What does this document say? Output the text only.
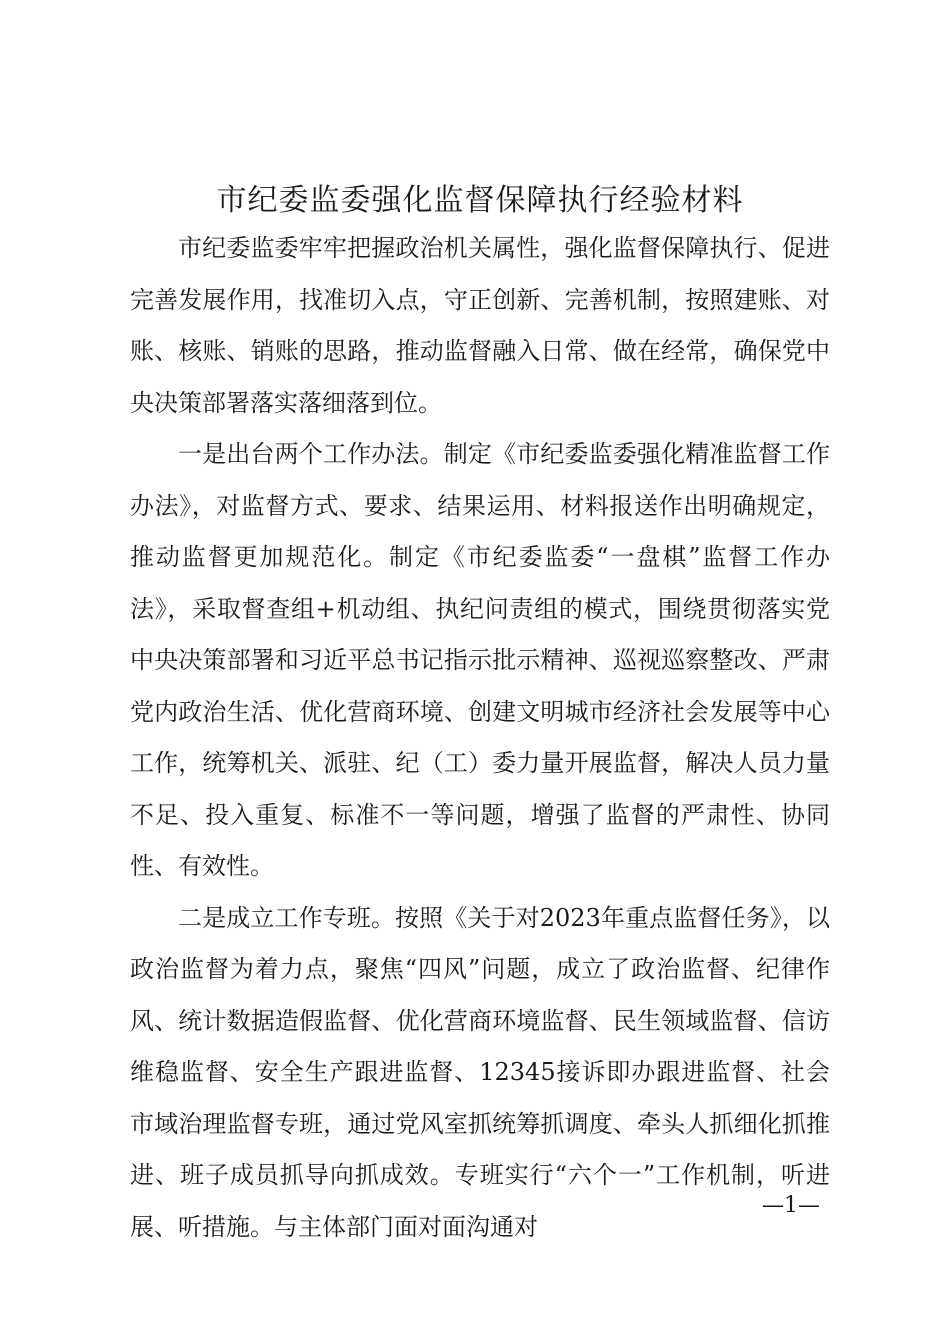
市纪委监委强化监督保障执行经验材料

市纪委监委牢牢把握政治机关属性，强化监督保障执行、促进完善发展作用，找准切入点，守正创新、完善机制，按照建账、对账、核账、销账的思路，推动监督融入日常、做在经常，确保党中央决策部署落实落细落到位。

一是出台两个工作办法。制定《市纪委监委强化精准监督工作办法》，对监督方式、要求、结果运用、材料报送作出明确规定，推动监督更加规范化。制定《市纪委监委“一盘棋”监督工作办法》，采取督查组+机动组、执纪问责组的模式，围绕贯彻落实党中央决策部署和习近平总书记指示批示精神、巡视巡察整改、严肃党内政治生活、优化营商环境、创建文明城市经济社会发展等中心工作，统筹机关、派驻、纪（工）委力量开展监督，解决人员力量不足、投入重复、标准不一等问题，增强了监督的严肃性、协同性、有效性。

二是成立工作专班。按照《关于对2023年重点监督任务》，以政治监督为着力点，聚焦“四风”问题，成立了政治监督、纪律作风、统计数据造假监督、优化营商环境监督、民生领域监督、信访维稳监督、安全生产跟进监督、12345接诉即办跟进监督、社会市域治理监督专班，通过党风室抓统筹抓调度、牵头人抓细化抓推进、班子成员抓导向抓成效。专班实行“六个一”工作机制，听进展、听措施。与主体部门面对面沟通对

—1—
